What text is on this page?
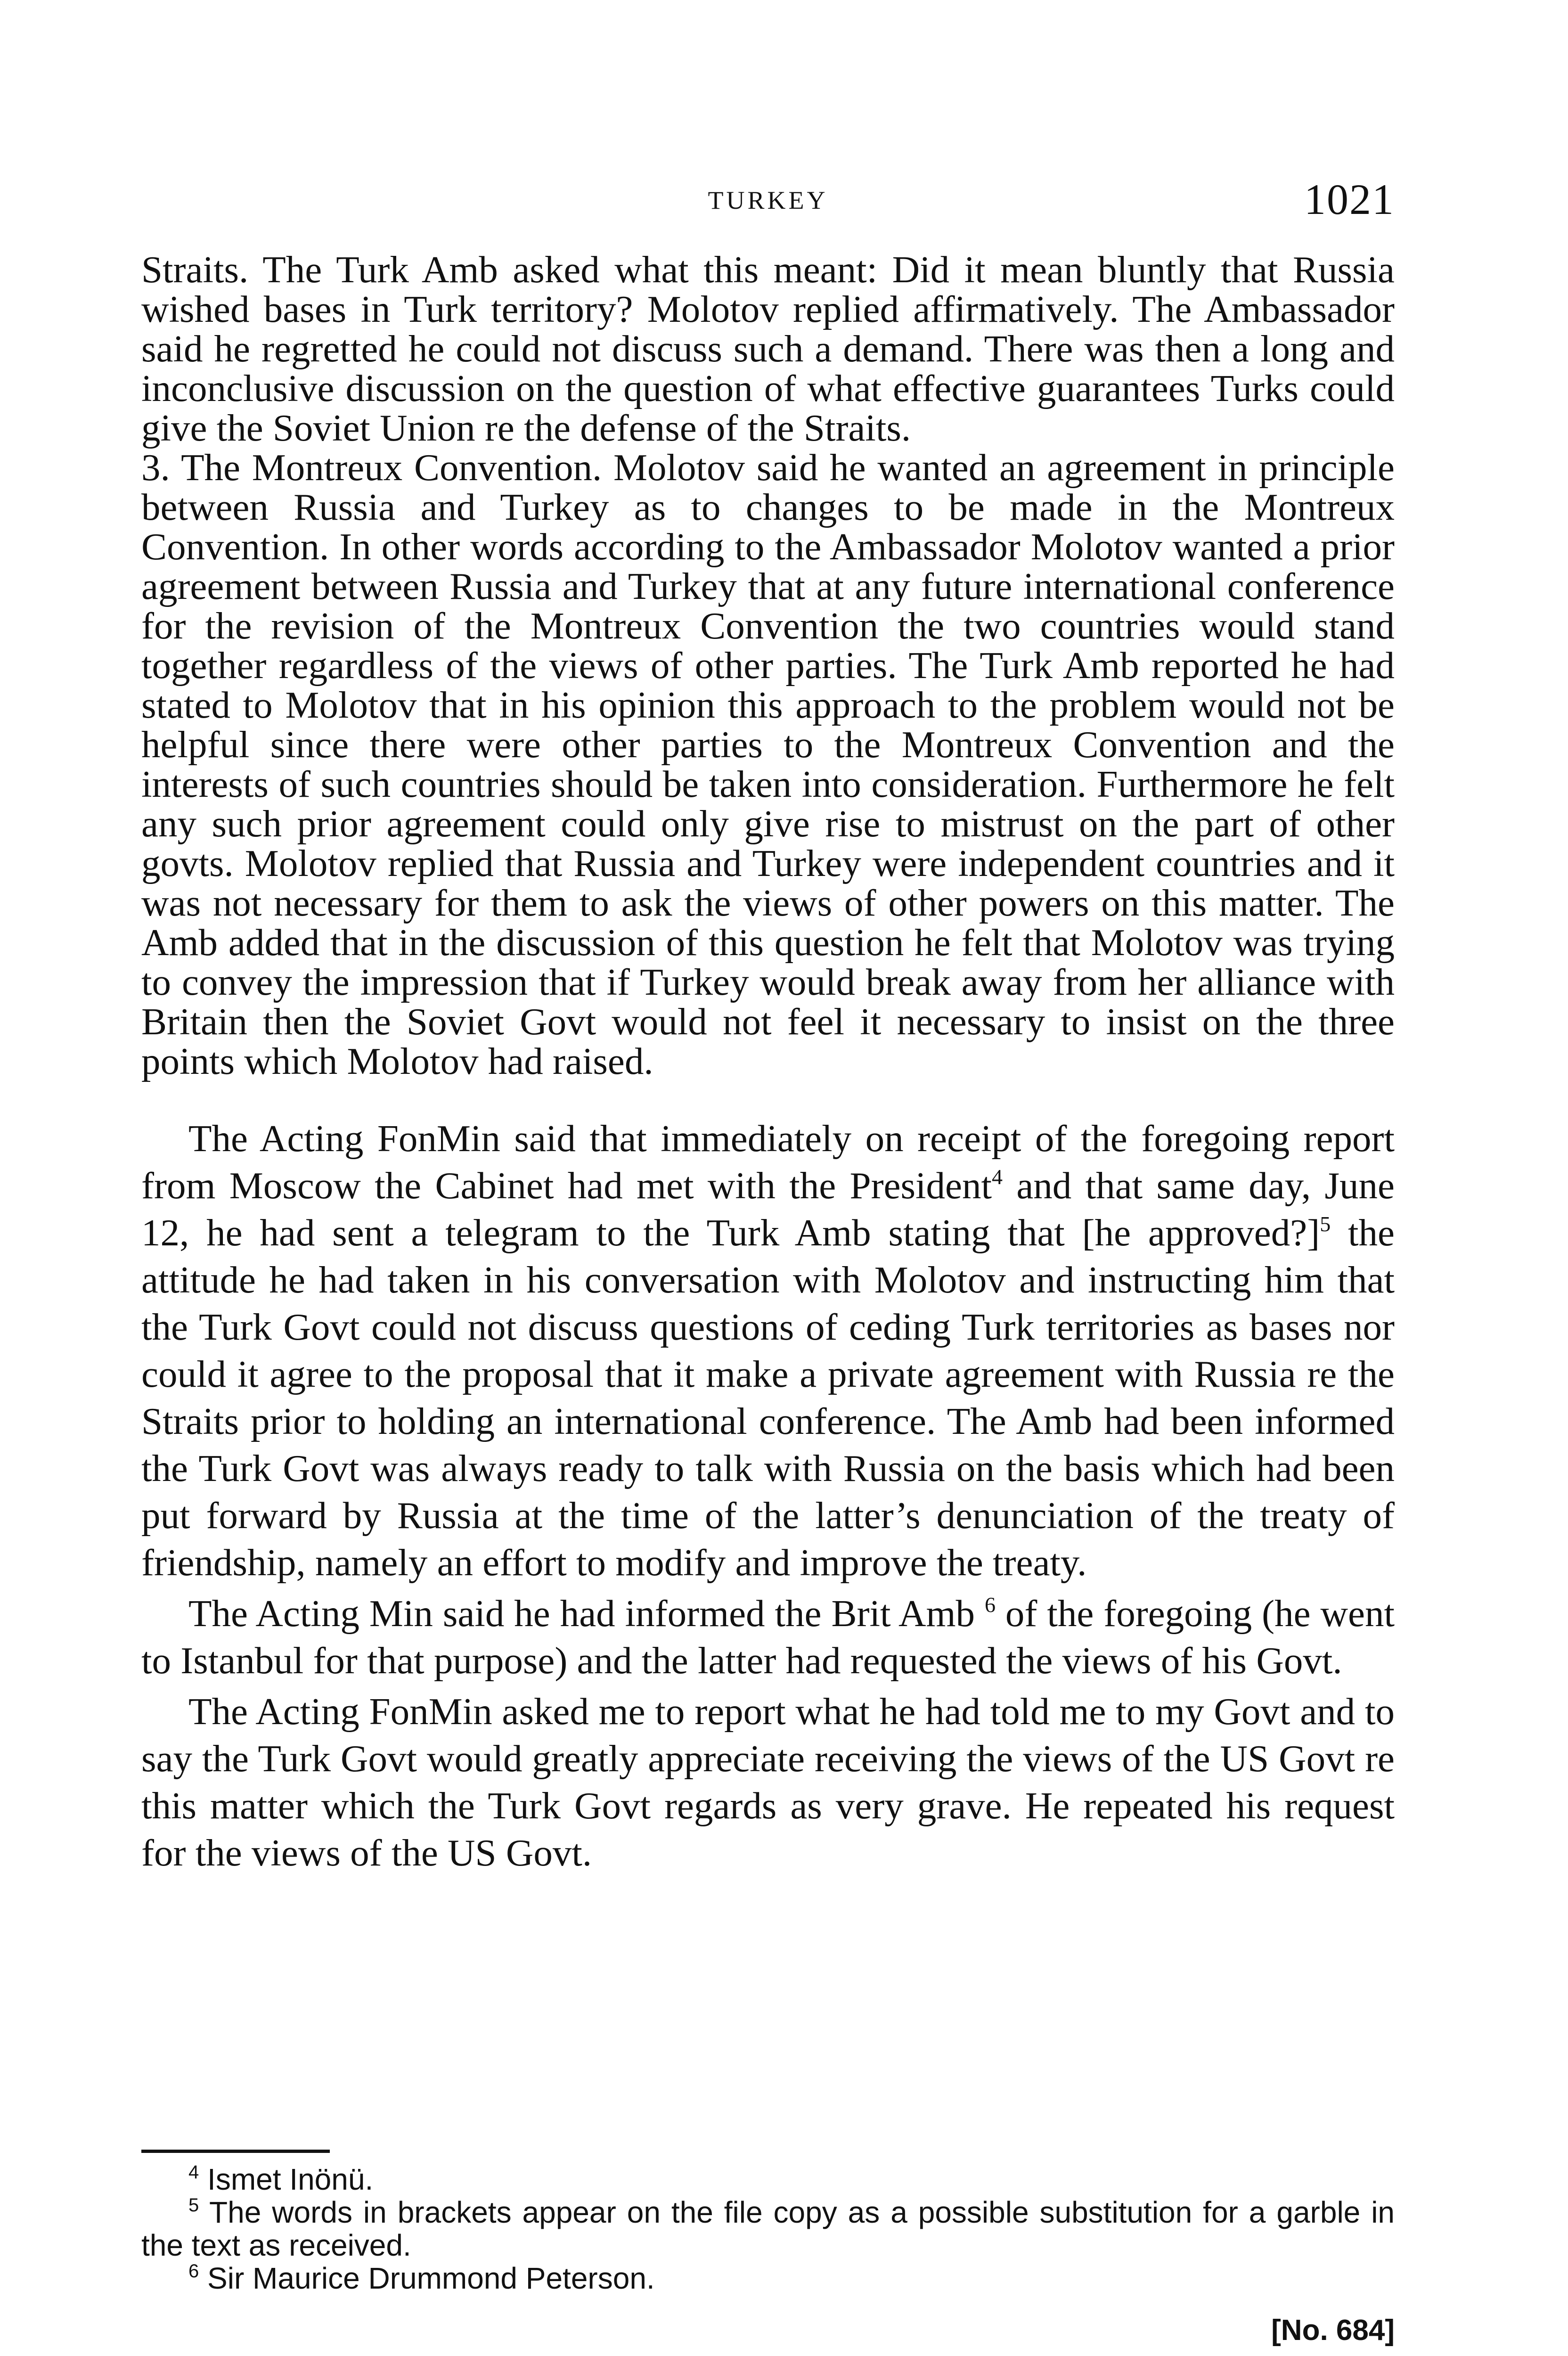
TURKEY	1021

Straits. The Turk Amb asked what this meant: Did it mean bluntly that Russia wished bases in Turk territory? Molotov replied affirmatively. The Ambassador said he regretted he could not discuss such a demand. There was then a long and inconclusive discussion on the question of what effective guarantees Turks could give the Soviet Union re the defense of the Straits.

3. The Montreux Convention. Molotov said he wanted an agreement in principle between Russia and Turkey as to changes to be made in the Montreux Convention. In other words according to the Ambassador Molotov wanted a prior agreement between Russia and Turkey that at any future international conference for the revision of the Montreux Convention the two countries would stand together regardless of the views of other parties. The Turk Amb reported he had stated to Molotov that in his opinion this approach to the problem would not be helpful since there were other parties to the Montreux Convention and the interests of such countries should be taken into consideration. Furthermore he felt any such prior agreement could only give rise to mistrust on the part of other govts. Molotov replied that Russia and Turkey were independent countries and it was not necessary for them to ask the views of other powers on this matter. The Amb added that in the discussion of this question he felt that Molotov was trying to convey the impression that if Turkey would break away from her alliance with Britain then the Soviet Govt would not feel it necessary to insist on the three points which Molotov had raised.

The Acting FonMin said that immediately on receipt of the foregoing report from Moscow the Cabinet had met with the President$^4$ and that same day, June 12, he had sent a telegram to the Turk Amb stating that [he approved?]$^5$ the attitude he had taken in his conversation with Molotov and instructing him that the Turk Govt could not discuss questions of ceding Turk territories as bases nor could it agree to the proposal that it make a private agreement with Russia re the Straits prior to holding an international conference. The Amb had been informed the Turk Govt was always ready to talk with Russia on the basis which had been put forward by Russia at the time of the latter’s denunciation of the treaty of friendship, namely an effort to modify and improve the treaty.

The Acting Min said he had informed the Brit Amb $^6$ of the foregoing (he went to Istanbul for that purpose) and the latter had requested the views of his Govt.

The Acting FonMin asked me to report what he had told me to my Govt and to say the Turk Govt would greatly appreciate receiving the views of the US Govt re this matter which the Turk Govt regards as very grave. He repeated his request for the views of the US Govt.

$^4$ Ismet Inönü.
$^5$ The words in brackets appear on the file copy as a possible substitution for a garble in the text as received.
$^6$ Sir Maurice Drummond Peterson.
[No. 684]
